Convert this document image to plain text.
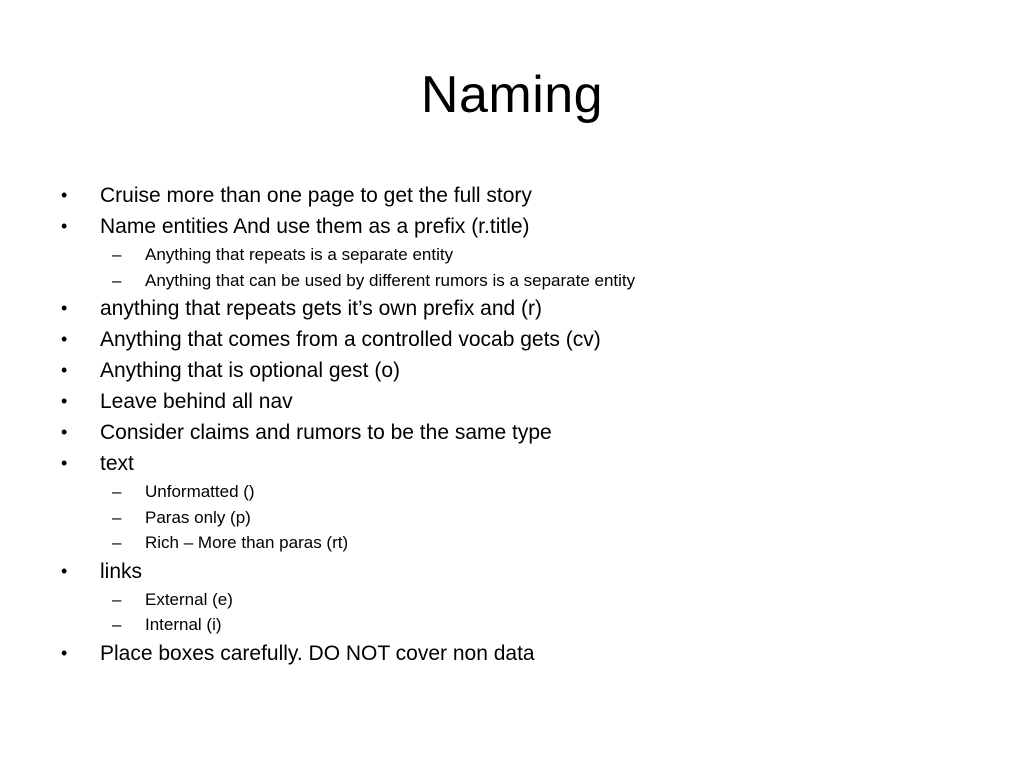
Naming
• Cruise more than one page to get the full story
• Name entities And use them as a prefix (r.title)
– Anything that repeats is a separate entity
– Anything that can be used by different rumors is a separate entity
• anything that repeats gets it’s own prefix and (r)
• Anything that comes from a controlled vocab gets (cv)
• Anything that is optional gest (o)
• Leave behind all nav
• Consider claims and rumors to be the same type
• text
– Unformatted ()
– Paras only (p)
– Rich – More than paras (rt)
• links
– External (e)
– Internal (i)
• Place boxes carefully. DO NOT cover non data
